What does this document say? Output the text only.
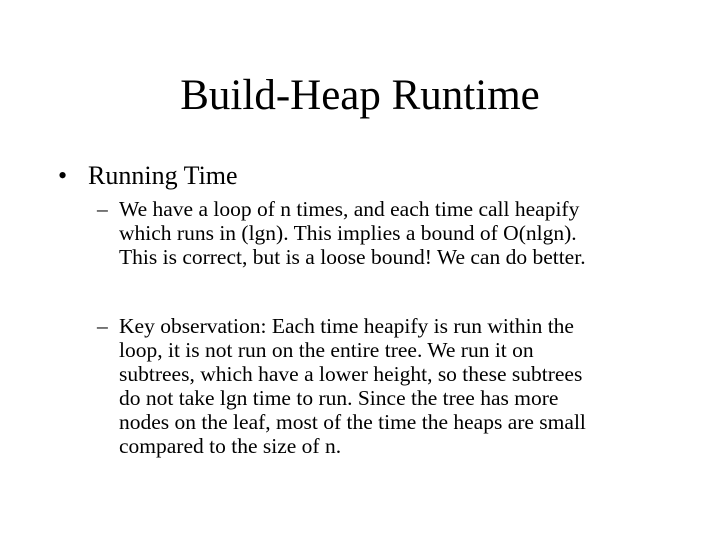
Build-Heap Runtime
• Running Time
– We have a loop of n times, and each time call heapify
which runs in (lgn). This implies a bound of O(nlgn).
This is correct, but is a loose bound! We can do better.
– Key observation: Each time heapify is run within the
loop, it is not run on the entire tree. We run it on
subtrees, which have a lower height, so these subtrees
do not take lgn time to run. Since the tree has more
nodes on the leaf, most of the time the heaps are small
compared to the size of n.
